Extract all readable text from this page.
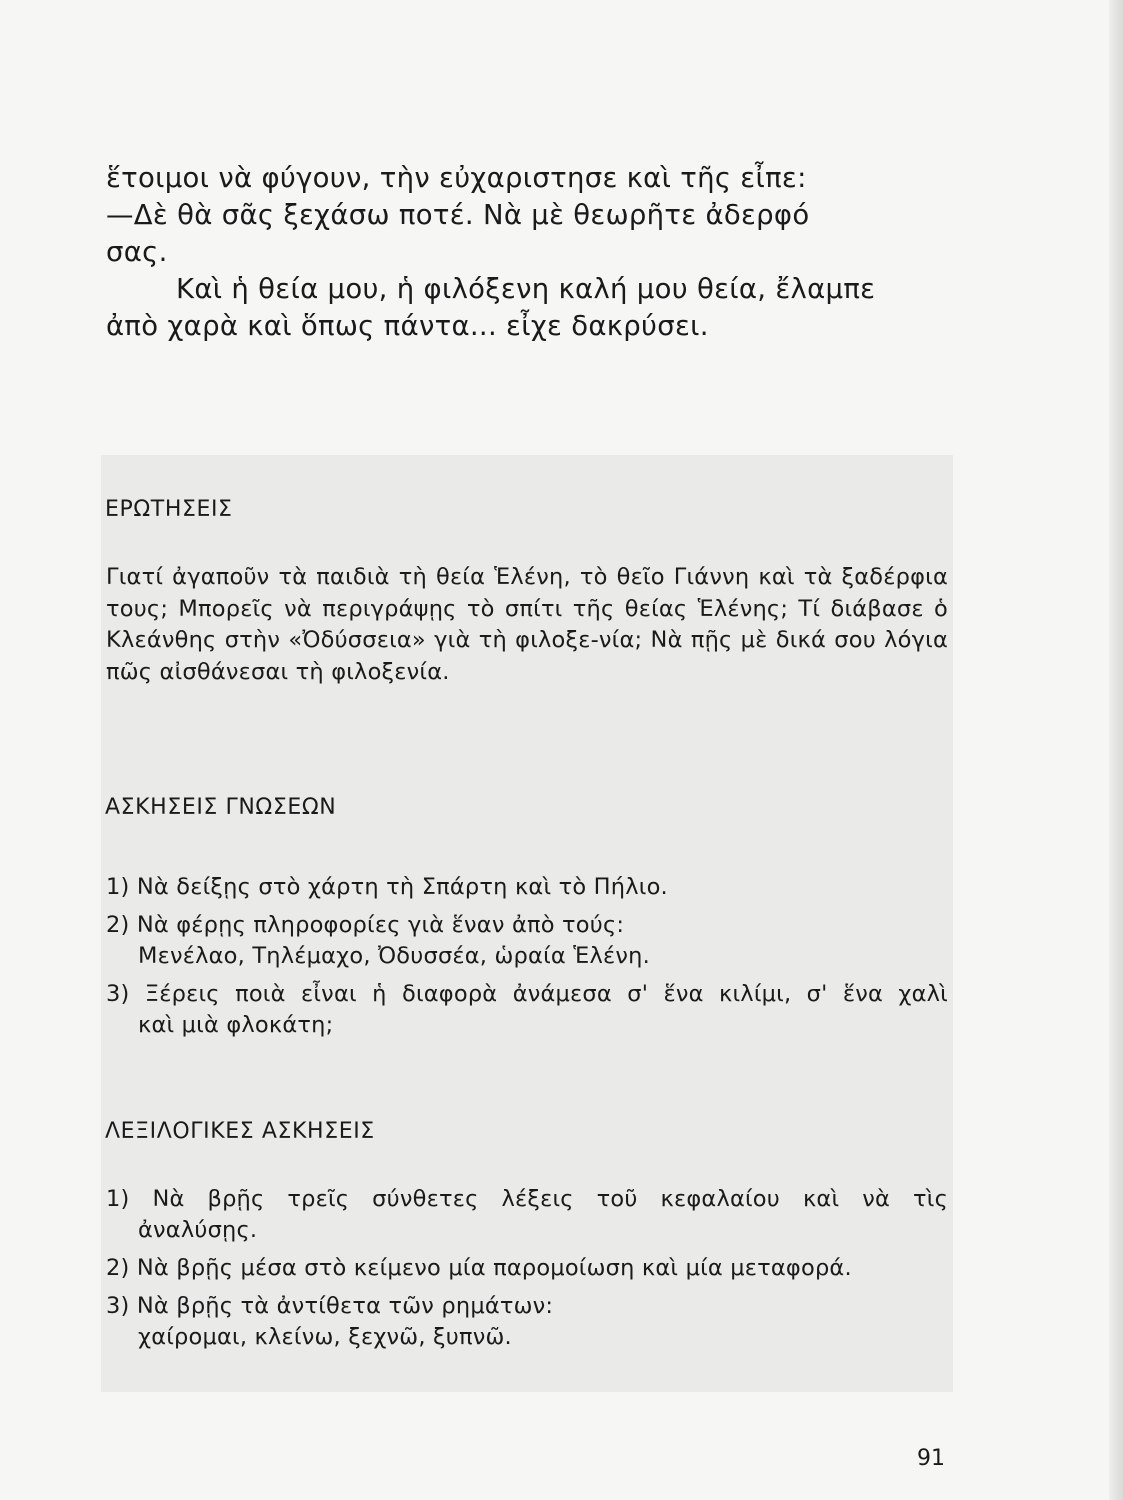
ἕτοιμοι νὰ φύγουν, τὴν εὐχαριστησε καὶ τῆς εἶπε:

—Δὲ θὰ σᾶς ξεχάσω ποτέ. Νὰ μὲ θεωρῆτε ἀδερφό

σας.

Καὶ ἡ θεία μου, ἡ φιλόξενη καλή μου θεία, ἔλαμπε

ἀπὸ χαρὰ καὶ ὅπως πάντα... εἶχε δακρύσει.

ΕΡΩΤΗΣΕΙΣ
Γιατί ἀγαποῦν τὰ παιδιὰ τὴ θεία Ἑλένη, τὸ θεῖο Γιάννη καὶ τὰ ξαδέρφια τους; Μπορεῖς νὰ περιγράψῃς τὸ σπίτι τῆς θείας Ἑλένης; Τί διάβασε ὁ Κλεάνθης στὴν «Ὀδύσσεια» γιὰ τὴ φιλοξε-νία; Νὰ πῇς μὲ δικά σου λόγια πῶς αἰσθάνεσαι τὴ φιλοξενία.
ΑΣΚΗΣΕΙΣ ΓΝΩΣΕΩΝ
1) Νὰ δείξῃς στὸ χάρτη τὴ Σπάρτη καὶ τὸ Πήλιο.
2) Νὰ φέρῃς πληροφορίες γιὰ ἕναν ἀπὸ τούς:
Μενέλαο, Τηλέμαχο, Ὀδυσσέα, ὡραία Ἑλένη.
3) Ξέρεις ποιὰ εἶναι ἡ διαφορὰ ἀνάμεσα σ' ἕνα κιλίμι, σ' ἕνα χαλὶ
καὶ μιὰ φλοκάτη;
ΛΕΞΙΛΟΓΙΚΕΣ ΑΣΚΗΣΕΙΣ
1) Νὰ βρῇς τρεῖς σύνθετες λέξεις τοῦ κεφαλαίου καὶ νὰ τὶς
ἀναλύσῃς.
2) Νὰ βρῇς μέσα στὸ κείμενο μία παρομοίωση καὶ μία μεταφορά.
3) Νὰ βρῇς τὰ ἀντίθετα τῶν ρημάτων:
χαίρομαι, κλείνω, ξεχνῶ, ξυπνῶ.
91
